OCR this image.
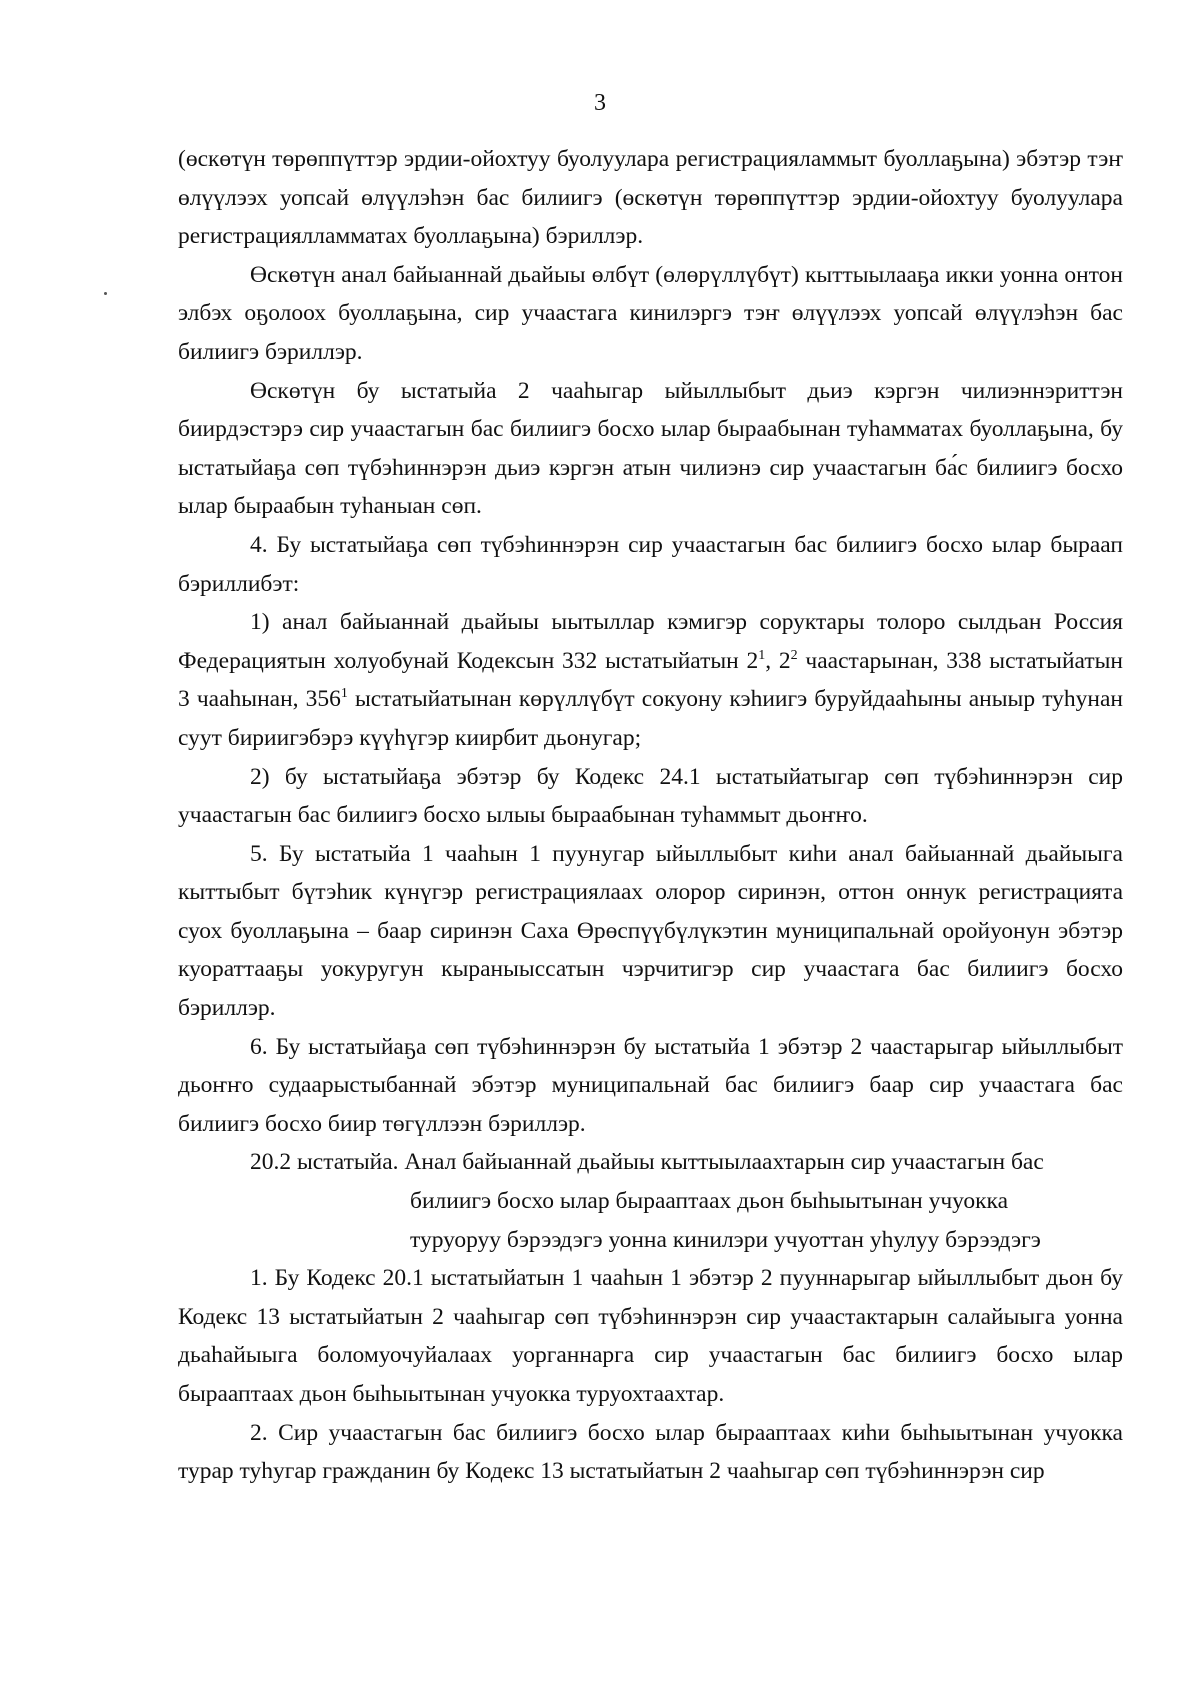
3

(өскөтүн төрөппүттэр эрдии-ойохтуу буолуулара регистрацияламмыт буоллаҕына) эбэтэр тэҥ өлүүлээх уопсай өлүүлэһэн бас билиигэ (өскөтүн төрөппүттэр эрдии-ойохтуу буолуулара регистрациялламматах буоллаҕына) бэриллэр.

Өскөтүн анал байыаннай дьайыы өлбүт (өлөрүллүбүт) кыттыылааҕа икки уонна онтон элбэх оҕолоох буоллаҕына, сир учаастага кинилэргэ тэҥ өлүүлээх уопсай өлүүлэһэн бас билиигэ бэриллэр.

Өскөтүн бу ыстатыйа 2 чааһыгар ыйыллыбыт дьиэ кэргэн чилиэннэриттэн биирдэстэрэ сир учаастагын бас билиигэ босхо ылар быраабынан туһамматах буоллаҕына, бу ыстатыйаҕа сөп түбэһиннэрэн дьиэ кэргэн атын чилиэнэ сир учаастагын ба́с билиигэ босхо ылар быраабын туһаныан сөп.

4. Бу ыстатыйаҕа сөп түбэһиннэрэн сир учаастагын бас билиигэ босхо ылар быраап бэриллибэт:

1) анал байыаннай дьайыы ыытыллар кэмигэр соруктары толоро сылдьан Россия Федерациятын холуобунай Кодексын 332 ыстатыйатын $2^1$, $2^2$ чаастарынан, 338 ыстатыйатын 3 чааһынан, $356^1$ ыстатыйатынан көрүллүбүт сокуону кэһиигэ буруйдааһыны аныыр туһунан суут бириигэбэрэ күүһүгэр киирбит дьонугар;

2) бу ыстатыйаҕа эбэтэр бу Кодекс 24.1 ыстатыйатыгар сөп түбэһиннэрэн сир учаастагын бас билиигэ босхо ылыы быраабынан туһаммыт дьоҥҥо.

5. Бу ыстатыйа 1 чааһын 1 пуунугар ыйыллыбыт киһи анал байыаннай дьайыыга кыттыбыт бүтэһик күнүгэр регистрациялаах олорор сиринэн, оттон оннук регистрацията суох буоллаҕына – баар сиринэн Саха Өрөспүүбүлүкэтин муниципальнай оройуонун эбэтэр куораттааҕы уокуругун кыраныыссатын чэрчитигэр сир учаастага бас билиигэ босхо бэриллэр.

6. Бу ыстатыйаҕа сөп түбэһиннэрэн бу ыстатыйа 1 эбэтэр 2 чаастарыгар ыйыллыбыт дьоҥҥо судаарыстыбаннай эбэтэр муниципальнай бас билиигэ баар сир учаастага бас билиигэ босхо биир төгүллээн бэриллэр.

20.2 ыстатыйа. Анал байыаннай дьайыы кыттыылаахтарын сир учаастагын бас
билиигэ босхо ылар бырааптаах дьон быһыытынан учуокка
туруоруу бэрээдэгэ уонна кинилэри учуоттан уһулуу бэрээдэгэ

1. Бу Кодекс 20.1 ыстатыйатын 1 чааһын 1 эбэтэр 2 пууннарыгар ыйыллыбыт дьон бу Кодекс 13 ыстатыйатын 2 чааһыгар сөп түбэһиннэрэн сир учаастактарын салайыыга уонна дьаһайыыга боломуочуйалаах уорганнарга сир учаастагын бас билиигэ босхо ылар бырааптаах дьон быһыытынан учуокка туруохтаахтар.

2. Сир учаастагын бас билиигэ босхо ылар бырааптаах киһи быһыытынан учуокка турар туһугар гражданин бу Кодекс 13 ыстатыйатын 2 чааһыгар сөп түбэһиннэрэн сир
